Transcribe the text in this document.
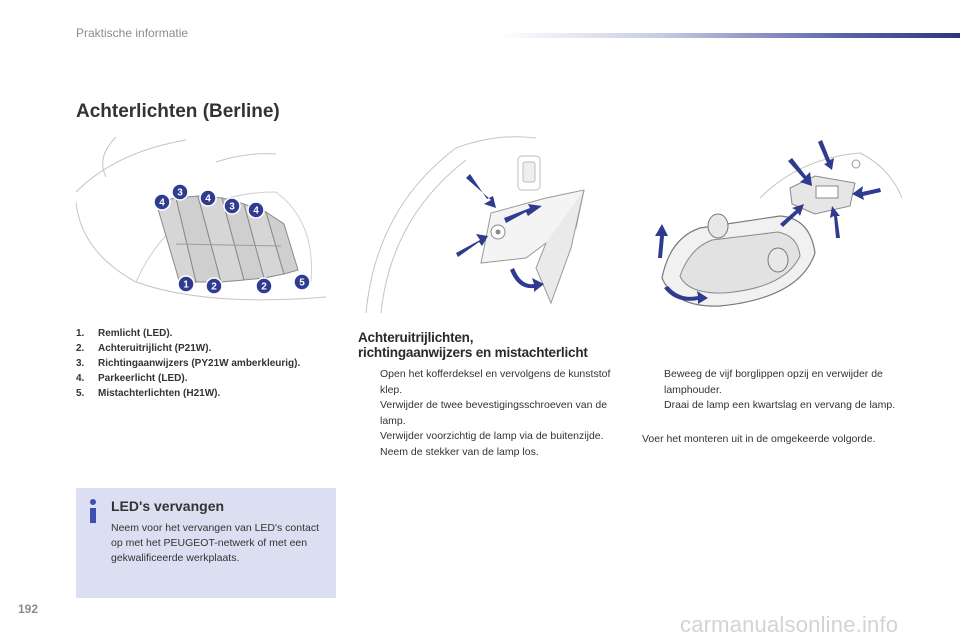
Praktische informatie
Achterlichten (Berline)
4
3
4
3 4
1 2	2	5
1. Remlicht (LED).
2. Achteruitrijlicht (P21W).
3. Richtingaanwijzers (PY21W amberkleurig).
4. Parkeerlicht (LED).
5. Mistachterlichten (H21W).
LED's vervangen
Neem voor het vervangen van LED's contact op met het PEUGEOT-netwerk of met een gekwalificeerde werkplaats.
Achteruitrijlichten,
richtingaanwijzers en mistachterlicht
Open het kofferdeksel en vervolgens de kunststof klep.
Verwijder de twee bevestigingsschroeven van de lamp.
Verwijder voorzichtig de lamp via de buitenzijde.
Neem de stekker van de lamp los.
Beweeg de vijf borglippen opzij en verwijder de lamphouder.
Draai de lamp een kwartslag en vervang de lamp.

Voer het monteren uit in de omgekeerde volgorde.

192
carmanualsonline.info
